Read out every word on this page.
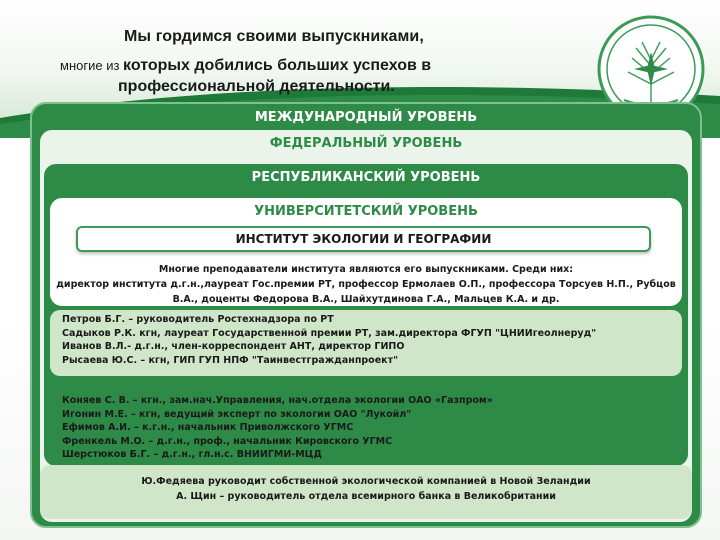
Мы гордимся своими выпускниками,
многие из которых добились больших успехов в
профессиональной деятельности.
МЕЖДУНАРОДНЫЙ УРОВЕНЬ
ФЕДЕРАЛЬНЫЙ УРОВЕНЬ
РЕСПУБЛИКАНСКИЙ УРОВЕНЬ
УНИВЕРСИТЕТСКИЙ УРОВЕНЬ
ИНСТИТУТ ЭКОЛОГИИ И ГЕОГРАФИИ
Многие преподаватели института являются его выпускниками. Среди них:
директор института д.г.н.,лауреат Гос.премии РТ, профессор Ермолаев О.П., профессора Торсуев Н.П., Рубцов
В.А., доценты Федорова В.А., Шайхутдинова Г.А., Мальцев К.А. и др.
Петров Б.Г. – руководитель Ростехнадзора по РТ
Садыков Р.К. кгн, лауреат Государственной премии РТ, зам.директора ФГУП "ЦНИИгеолнеруд"
Иванов В.Л.- д.г.н., член-корреспондент АНТ, директор ГИПО
Рысаева Ю.С. – кгн, ГИП ГУП НПФ "Таинвестгражданпроект"
Коняев С. В. – кгн., зам.нач.Управления, нач.отдела экологии ОАО «Газпром»
Игонин М.Е. – кгн, ведущий эксперт по экологии ОАО "Лукойл"
Ефимов А.И. – к.г.н., начальник Приволжского УГМС
Френкель М.О. – д.г.н., проф., начальник Кировского УГМС
Шерстюков Б.Г. – д.г.н., гл.н.с. ВНИИГМИ-МЦД
Ю.Федяева руководит собственной экологической компанией в Новой Зеландии
А. Щин – руководитель отдела всемирного банка в Великобритании
